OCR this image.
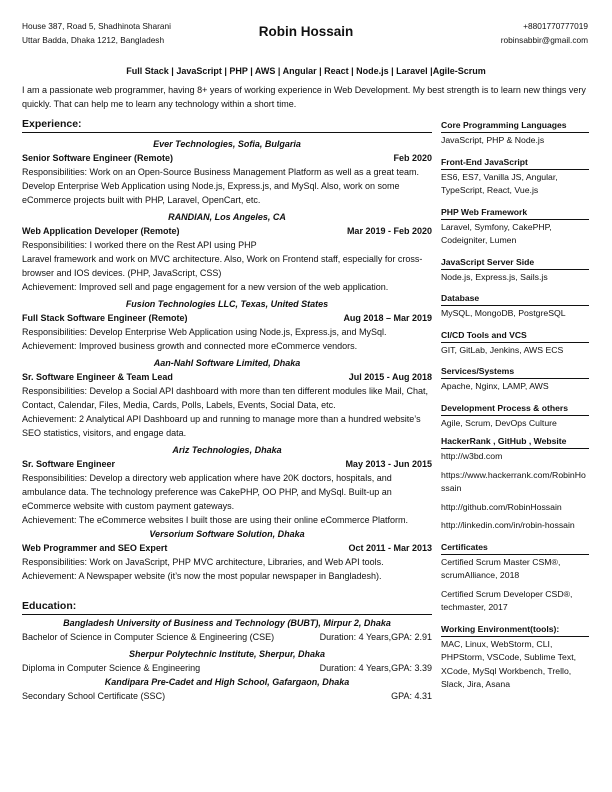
House 387, Road 5, Shadhinota Sharani
Uttar Badda, Dhaka 1212, Bangladesh
Robin Hossain	+8801770777019
robinsabbir@gmail.com
Full Stack | JavaScript | PHP | AWS | Angular | React | Node.js | Laravel |Agile-Scrum
I am a passionate web programmer, having 8+ years of working experience in Web Development. My best strength is to learn new things very quickly. That can help me to learn any technology within a short time.
Experience:
Ever Technologies, Sofia, Bulgaria
Senior Software Engineer (Remote)	Feb 2020
Responsibilities: Work on an Open-Source Business Management Platform as well as a great team. Develop Enterprise Web Application using Node.js, Express.js, and MySql. Also, work on some eCommerce projects built with PHP, Laravel, OpenCart, etc.
RANDIAN, Los Angeles, CA
Web Application Developer (Remote)	Mar 2019 - Feb 2020
Responsibilities: I worked there on the Rest API using PHP
Laravel framework and work on MVC architecture. Also, Work on Frontend staff, especially for cross-browser and IOS devices. (PHP, JavaScript, CSS)
Achievement: Improved sell and page engagement for a new version of the web application.
Fusion Technologies LLC, Texas, United States
Full Stack Software Engineer (Remote)	Aug 2018 – Mar 2019
Responsibilities: Develop Enterprise Web Application using Node.js, Express.js, and MySql.
Achievement: Improved business growth and connected more eCommerce vendors.
Aan-Nahl Software Limited, Dhaka
Sr. Software Engineer & Team Lead	Jul 2015 - Aug 2018
Responsibilities: Develop a Social API dashboard with more than ten different modules like Mail, Chat, Contact, Calendar, Files, Media, Cards, Polls, Labels, Events, Social Data, etc.
Achievement: 2 Analytical API Dashboard up and running to manage more than a hundred website’s SEO statistics, visitors, and engage data.
Ariz Technologies, Dhaka
Sr. Software Engineer	May 2013 - Jun 2015
Responsibilities: Develop a directory web application where have 20K doctors, hospitals, and ambulance data. The technology preference was CakePHP, OO PHP, and MySql. Built-up an eCommerce website with custom payment gateways.
Achievement: The eCommerce websites I built those are using their online eCommerce Platform.
Versorium Software Solution, Dhaka
Web Programmer and SEO Expert	Oct 2011 - Mar 2013
Responsibilities: Work on JavaScript, PHP MVC architecture, Libraries, and Web API tools.
Achievement: A Newspaper website (it’s now the most popular newspaper in Bangladesh).
Education:
Bangladesh University of Business and Technology (BUBT), Mirpur 2, Dhaka
Bachelor of Science in Computer Science & Engineering (CSE)	Duration: 4 Years,GPA: 2.91
Sherpur Polytechnic Institute, Sherpur, Dhaka
Diploma in Computer Science & Engineering	Duration: 4 Years,GPA: 3.39
Kandipara Pre-Cadet and High School, Gafargaon, Dhaka
Secondary School Certificate (SSC)	GPA: 4.31
Core Programming Languages
JavaScript, PHP & Node.js
Front-End JavaScript
ES6, ES7, Vanilla JS, Angular, TypeScript, React, Vue.js
PHP Web Framework
Laravel, Symfony, CakePHP, Codeigniter, Lumen
JavaScript Server Side
Node.js, Express.js, Sails.js
Database
MySQL, MongoDB, PostgreSQL
CI/CD Tools and VCS
GIT, GitLab, Jenkins, AWS ECS
Services/Systems
Apache, Nginx, LAMP, AWS
Development Process & others
Agile, Scrum, DevOps Culture
HackerRank , GitHub , Website
http://w3bd.com
https://www.hackerrank.com/RobinHossain
http://github.com/RobinHossain
http://linkedin.com/in/robin-hossain
Certificates
Certified Scrum Master CSM®, scrumAlliance, 2018
Certified Scrum Developer CSD®, techmaster, 2017
Working Environment(tools):
MAC, Linux, WebStorm, CLI, PHPStorm, VSCode, Sublime Text, XCode, MySql Workbench, Trello, Slack, Jira, Asana
